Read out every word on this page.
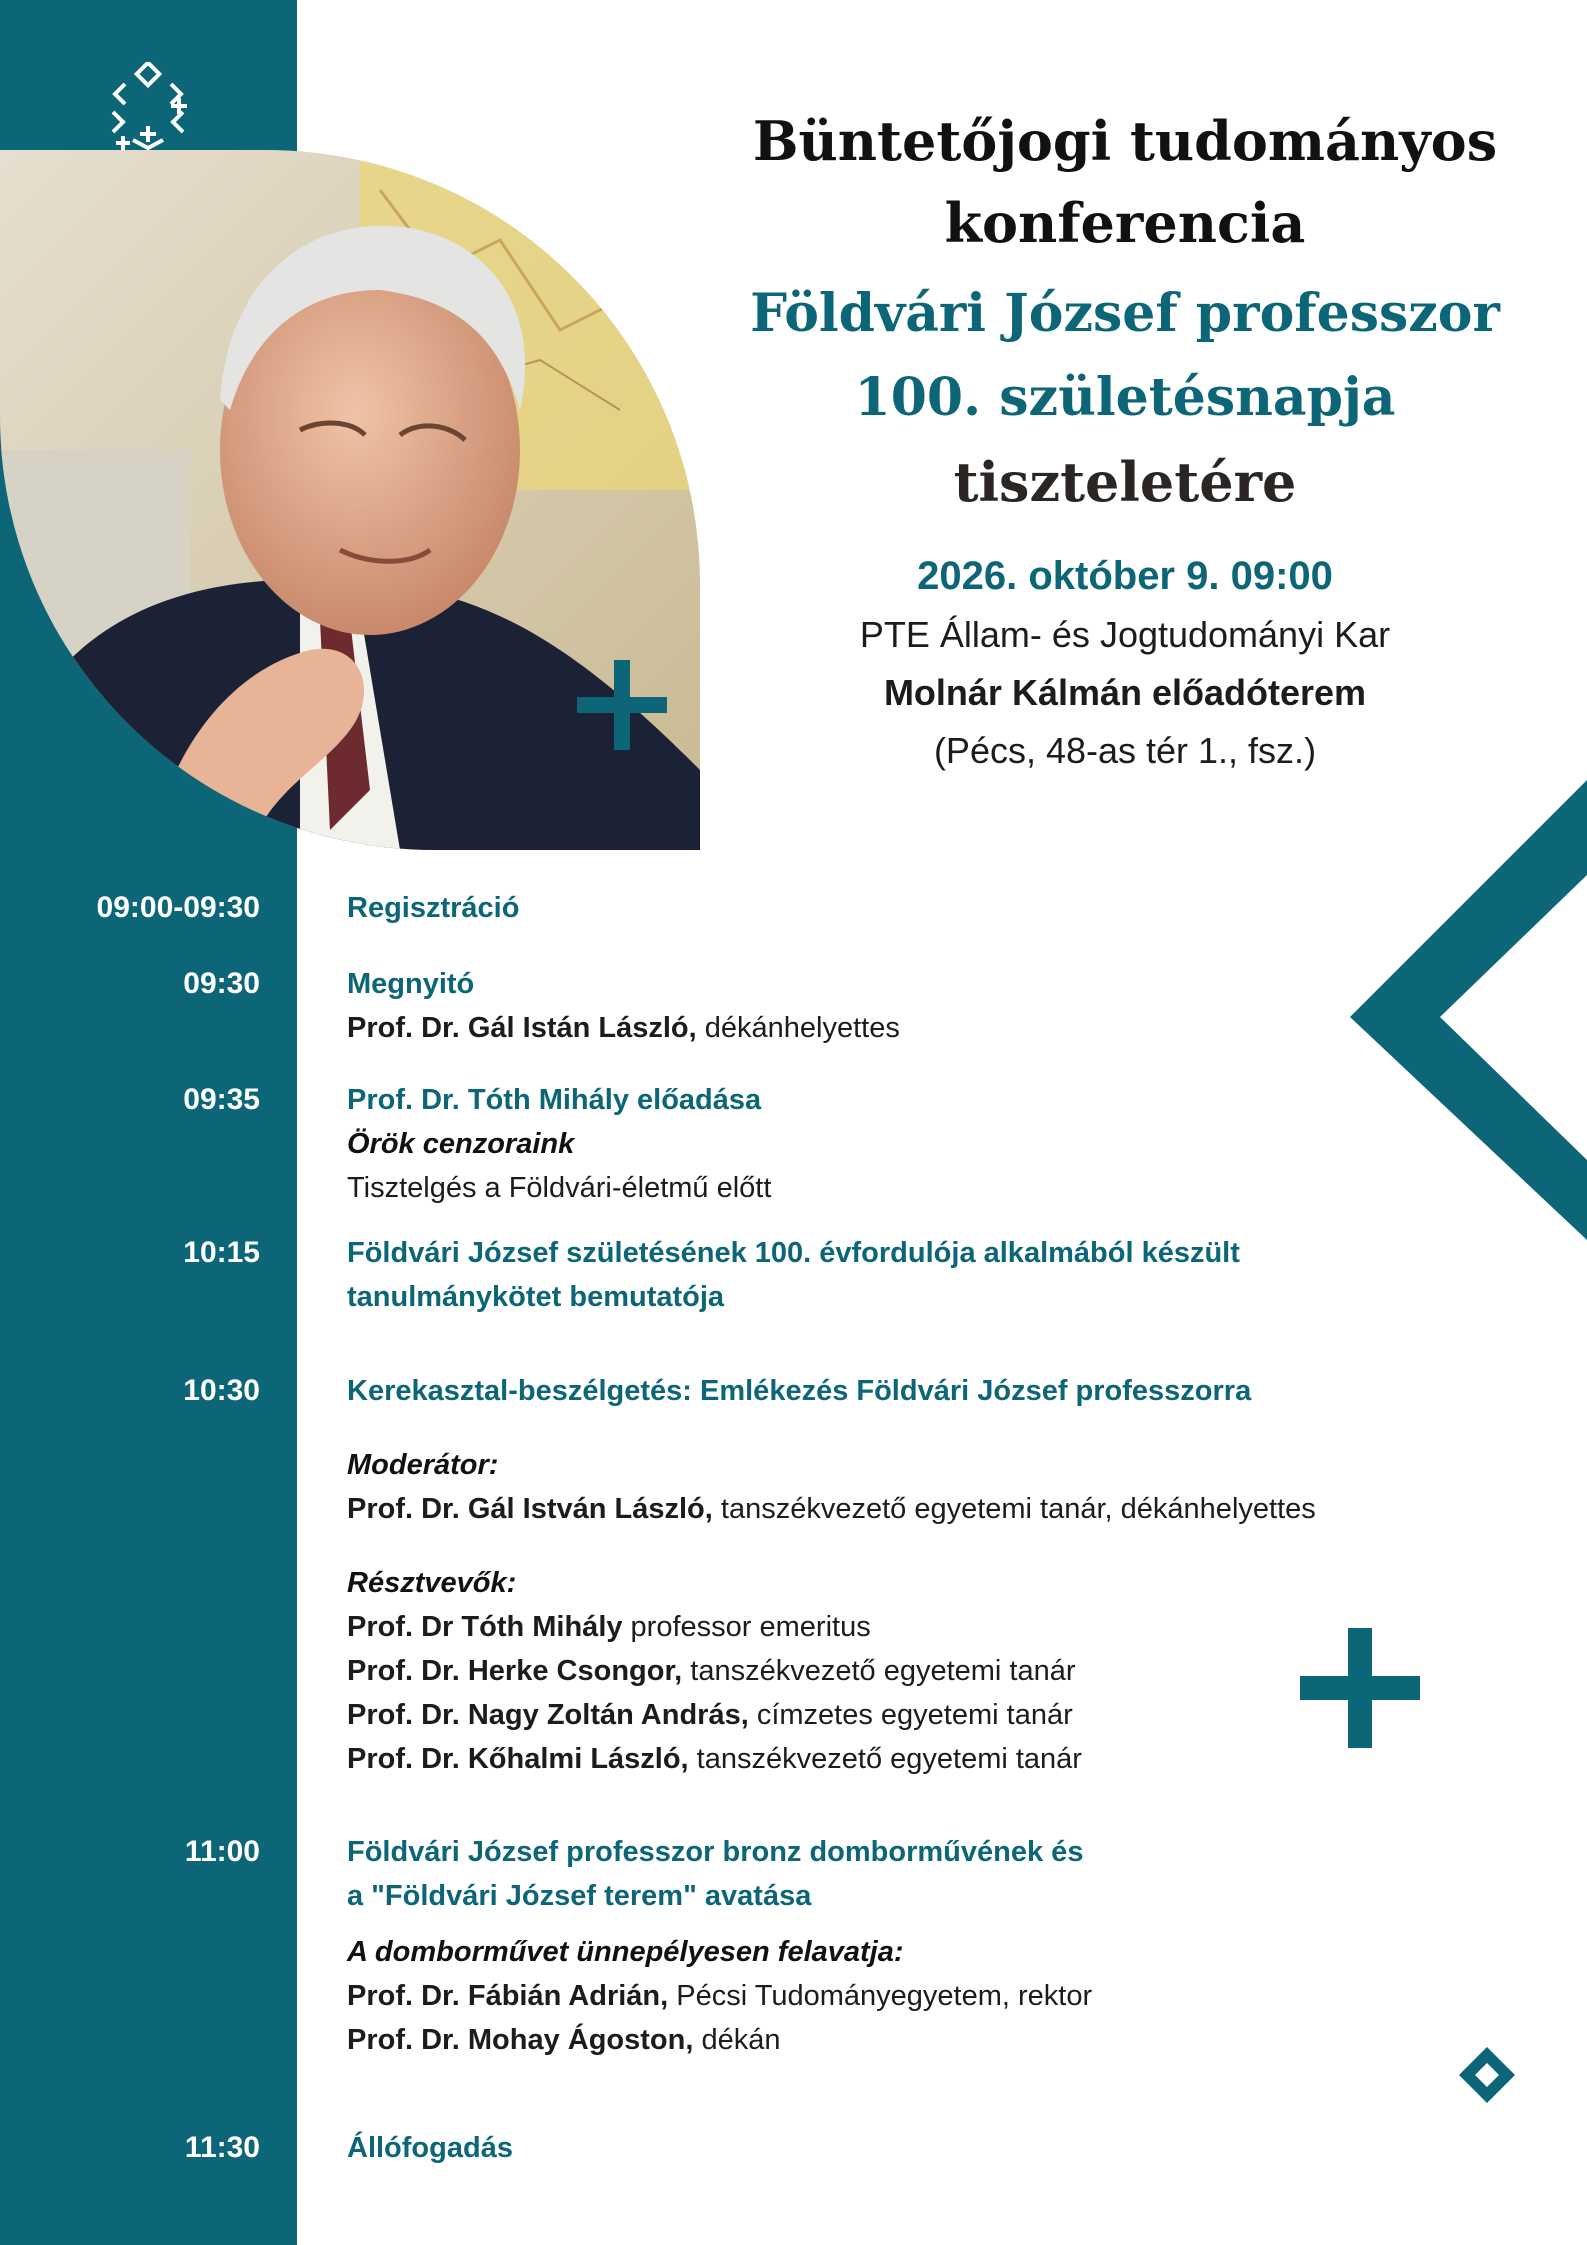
Büntetőjogi tudományos
konferencia
Földvári József professzor
100. születésnapja
tiszteletére
2026. október 9. 09:00
PTE Állam- és Jogtudományi Kar
Molnár Kálmán előadóterem
(Pécs, 48-as tér 1., fsz.)
09:00-09:30	Regisztráció
09:30	Megnyitó
Prof. Dr. Gál Istán László, dékánhelyettes
09:35	Prof. Dr. Tóth Mihály előadása
Örök cenzoraink
Tisztelgés a Földvári-életmű előtt
10:15	Földvári József születésének 100. évfordulója alkalmából készült
tanulmánykötet bemutatója
10:30	Kerekasztal-beszélgetés: Emlékezés Földvári József professzorra
Moderátor:
Prof. Dr. Gál István László, tanszékvezető egyetemi tanár, dékánhelyettes
Résztvevők:
Prof. Dr Tóth Mihály professor emeritus
Prof. Dr. Herke Csongor, tanszékvezető egyetemi tanár
Prof. Dr. Nagy Zoltán András, címzetes egyetemi tanár
Prof. Dr. Kőhalmi László, tanszékvezető egyetemi tanár
11:00	Földvári József professzor bronz domborművének és
a "Földvári József terem" avatása
A domborművet ünnepélyesen felavatja:
Prof. Dr. Fábián Adrián, Pécsi Tudományegyetem, rektor
Prof. Dr. Mohay Ágoston, dékán
11:30	Állófogadás
